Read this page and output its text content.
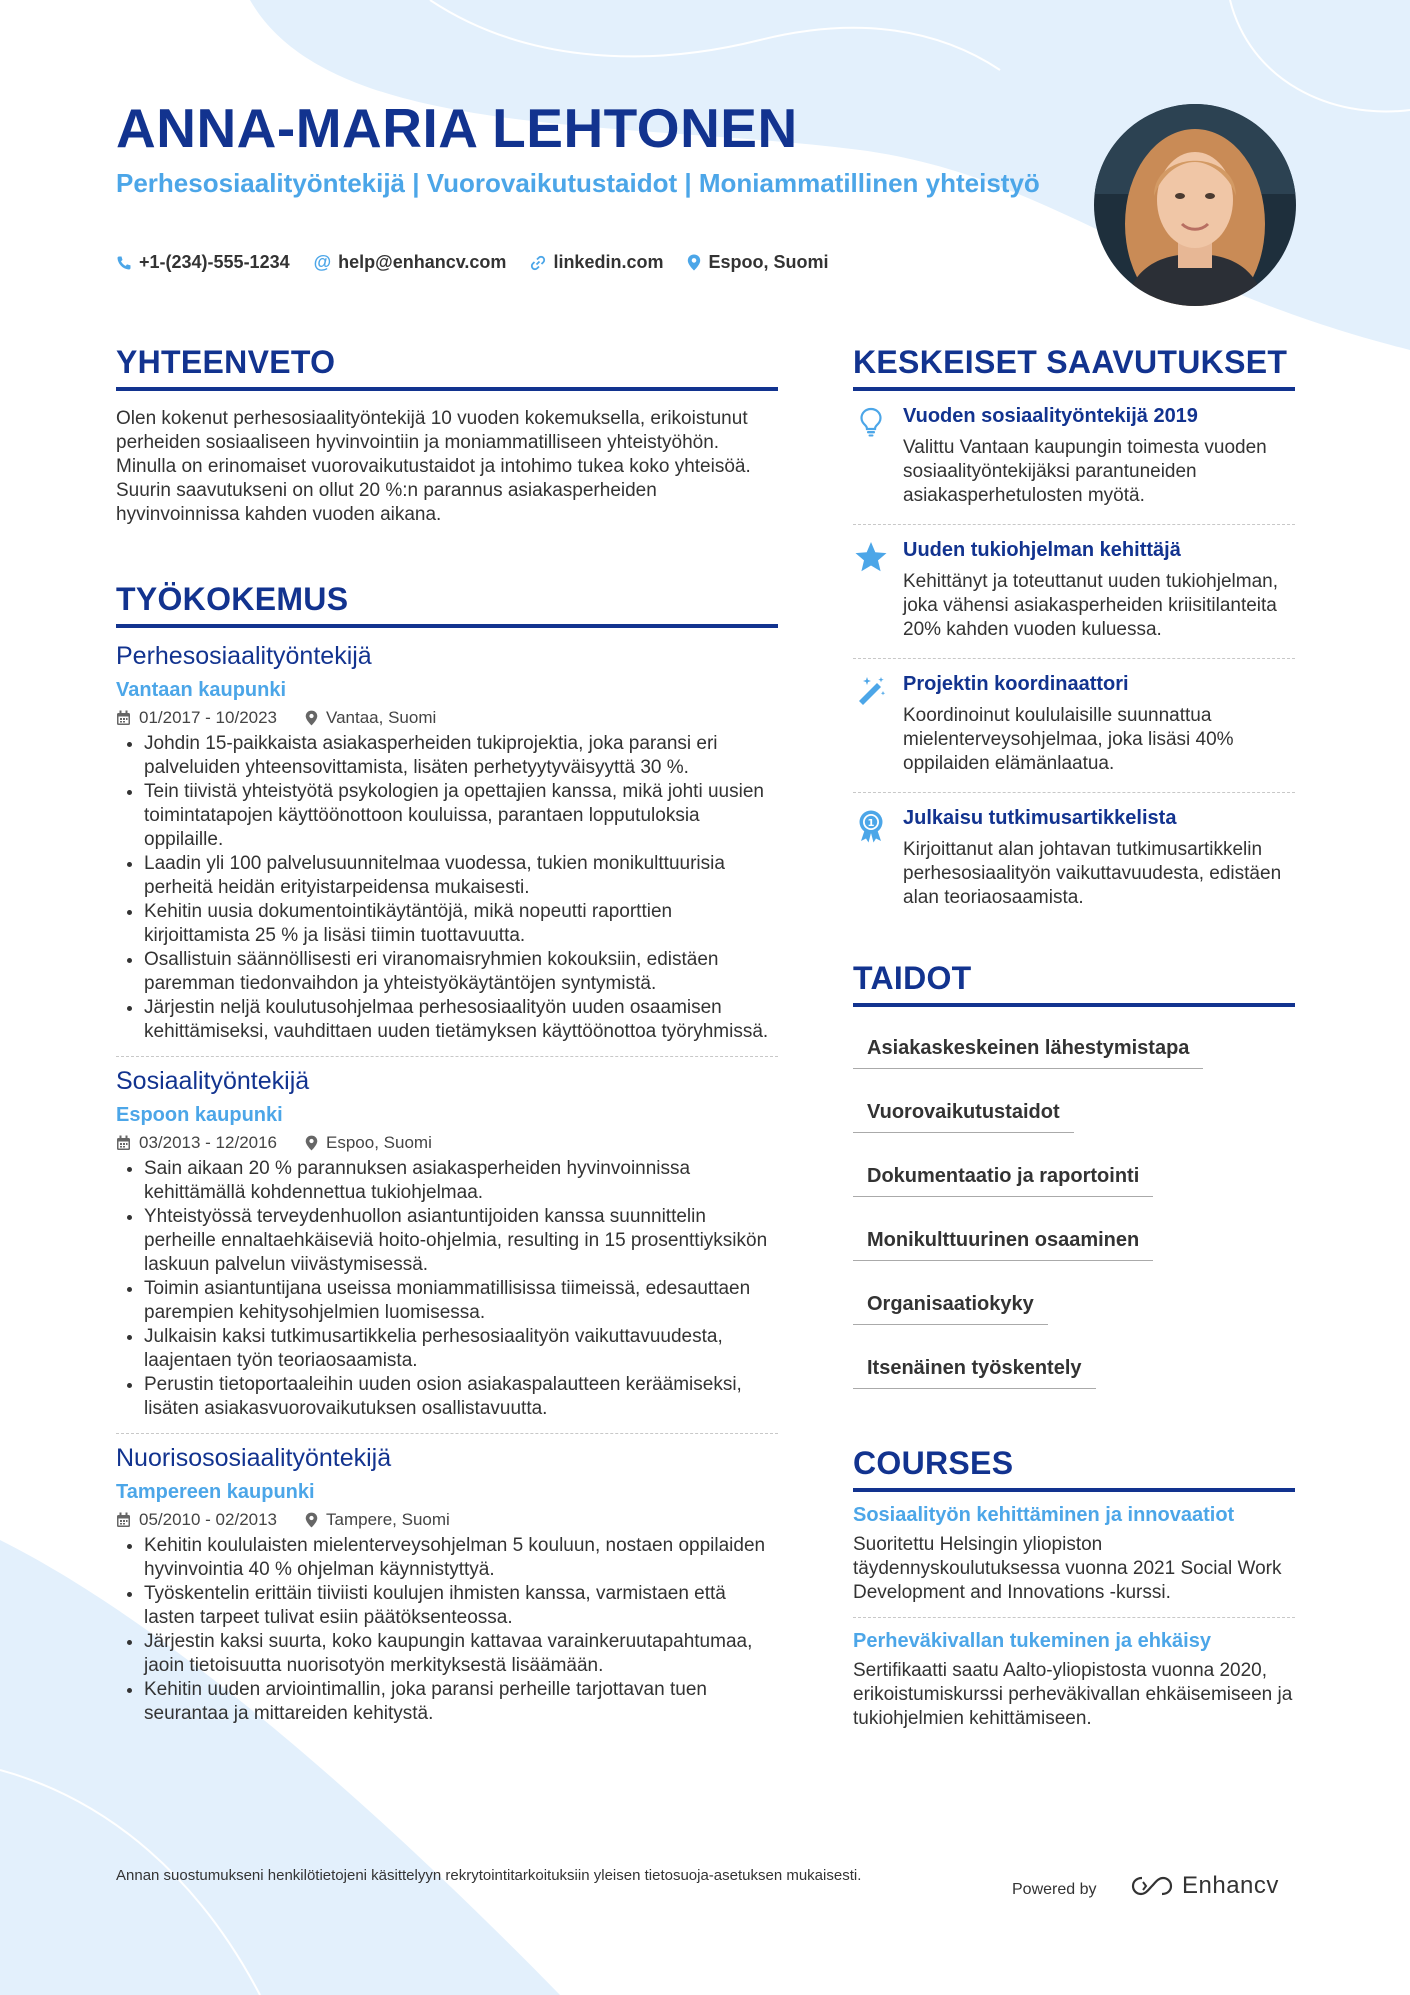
ANNA-MARIA LEHTONEN

Perhesosiaalityöntekijä | Vuorovaikutustaidot | Moniammatillinen yhteistyö

+1-(234)-555-1234 @ help@enhancv.com	linkedin.com	Espoo, Suomi
YHTEENVETO

Olen kokenut perhesosiaalityöntekijä 10 vuoden kokemuksella, erikoistunut perheiden sosiaaliseen hyvinvointiin ja moniammatilliseen yhteistyöhön. Minulla on erinomaiset vuorovaikutustaidot ja intohimo tukea koko yhteisöä. Suurin saavutukseni on ollut 20 %:n parannus asiakasperheiden hyvinvoinnissa kahden vuoden aikana.

TYÖKOKEMUS

Perhesosiaalityöntekijä

Vantaan kaupunki

01/2017 - 10/2023	Vantaa, Suomi
• Johdin 15-paikkaista asiakasperheiden tukiprojektia, joka paransi eri palveluiden yhteensovittamista, lisäten perhetyytyväisyyttä 30 %.
• Tein tiivistä yhteistyötä psykologien ja opettajien kanssa, mikä johti uusien toimintatapojen käyttöönottoon kouluissa, parantaen lopputuloksia oppilaille.
• Laadin yli 100 palvelusuunnitelmaa vuodessa, tukien monikulttuurisia perheitä heidän erityistarpeidensa mukaisesti.
• Kehitin uusia dokumentointikäytäntöjä, mikä nopeutti raporttien kirjoittamista 25 % ja lisäsi tiimin tuottavuutta.
• Osallistuin säännöllisesti eri viranomaisryhmien kokouksiin, edistäen paremman tiedonvaihdon ja yhteistyökäytäntöjen syntymistä.
• Järjestin neljä koulutusohjelmaa perhesosiaalityön uuden osaamisen kehittämiseksi, vauhdittaen uuden tietämyksen käyttöönottoa työryhmissä.

Sosiaalityöntekijä

Espoon kaupunki

03/2013 - 12/2016	Espoo, Suomi
• Sain aikaan 20 % parannuksen asiakasperheiden hyvinvoinnissa kehittämällä kohdennettua tukiohjelmaa.
• Yhteistyössä terveydenhuollon asiantuntijoiden kanssa suunnittelin perheille ennaltaehkäiseviä hoito-ohjelmia, resulting in 15 prosenttiyksikön laskuun palvelun viivästymisessä.
• Toimin asiantuntijana useissa moniammatillisissa tiimeissä, edesauttaen parempien kehitysohjelmien luomisessa.
• Julkaisin kaksi tutkimusartikkelia perhesosiaalityön vaikuttavuudesta, laajentaen työn teoriaosaamista.
• Perustin tietoportaaleihin uuden osion asiakaspalautteen keräämiseksi, lisäten asiakasvuorovaikutuksen osallistavuutta.

Nuorisososiaalityöntekijä

Tampereen kaupunki

05/2010 - 02/2013	Tampere, Suomi
• Kehitin koululaisten mielenterveysohjelman 5 kouluun, nostaen oppilaiden hyvinvointia 40 % ohjelman käynnistyttyä.
• Työskentelin erittäin tiiviisti koulujen ihmisten kanssa, varmistaen että lasten tarpeet tulivat esiin päätöksenteossa.
• Järjestin kaksi suurta, koko kaupungin kattavaa varainkeruutapahtumaa, jaoin tietoisuutta nuorisotyön merkityksestä lisäämään.
• Kehitin uuden arviointimallin, joka paransi perheille tarjottavan tuen seurantaa ja mittareiden kehitystä.
KESKEISET SAAVUTUKSET

Vuoden sosiaalityöntekijä 2019

Valittu Vantaan kaupungin toimesta vuoden sosiaalityöntekijäksi parantuneiden asiakasperhetulosten myötä.

Uuden tukiohjelman kehittäjä

Kehittänyt ja toteuttanut uuden tukiohjelman, joka vähensi asiakasperheiden kriisitilanteita 20% kahden vuoden kuluessa.

Projektin koordinaattori

Koordinoinut koululaisille suunnattua mielenterveysohjelmaa, joka lisäsi 40% oppilaiden elämänlaatua.

1 Julkaisu tutkimusartikkelista

Kirjoittanut alan johtavan tutkimusartikkelin perhesosiaalityön vaikuttavuudesta, edistäen alan teoriaosaamista.

TAIDOT
Asiakaskeskeinen lähestymistapa
Vuorovaikutustaidot
Dokumentaatio ja raportointi
Monikulttuurinen osaaminen
Organisaatiokyky
Itsenäinen työskentely
COURSES

Sosiaalityön kehittäminen ja innovaatiot

Suoritettu Helsingin yliopiston täydennyskoulutuksessa vuonna 2021 Social Work Development and Innovations -kurssi.

Perheväkivallan tukeminen ja ehkäisy

Sertifikaatti saatu Aalto-yliopistosta vuonna 2020, erikoistumiskurssi perheväkivallan ehkäisemiseen ja tukiohjelmien kehittämiseen.

Annan suostumukseni henkilötietojeni käsittelyyn rekrytointitarkoituksiin yleisen tietosuoja-asetuksen mukaisesti.

Powered by	Enhancv
